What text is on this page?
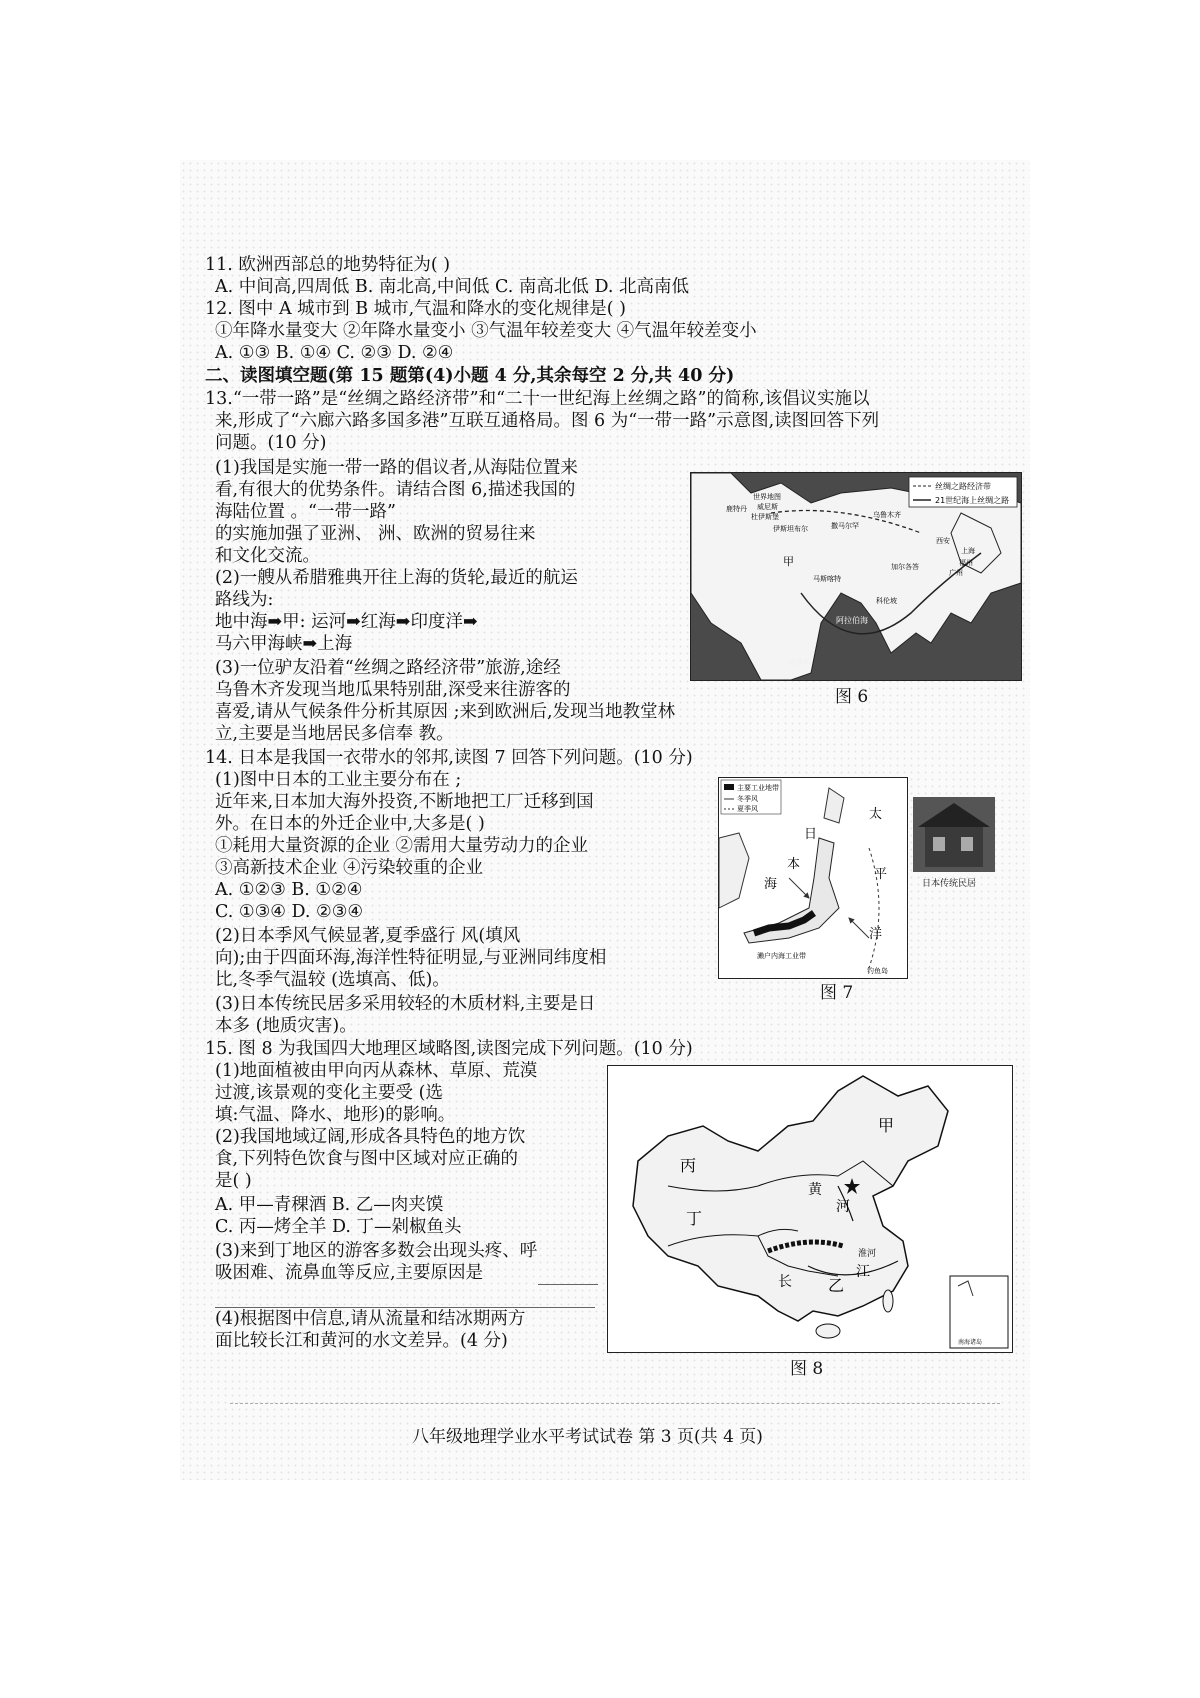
11. 欧洲西部总的地势特征为( )
A. 中间高,四周低 B. 南北高,中间低 C. 南高北低 D. 北高南低
12. 图中 A 城市到 B 城市,气温和降水的变化规律是( )
①年降水量变大 ②年降水量变小 ③气温年较差变大 ④气温年较差变小
A. ①③ B. ①④ C. ②③ D. ②④
二、读图填空题(第 15 题第(4)小题 4 分,其余每空 2 分,共 40 分)
13.“一带一路”是“丝绸之路经济带”和“二十一世纪海上丝绸之路”的简称,该倡议实施以
来,形成了“六廊六路多国多港”互联互通格局。图 6 为“一带一路”示意图,读图回答下列
问题。(10 分)
(1)我国是实施一带一路的倡议者,从海陆位置来
看,有很大的优势条件。请结合图 6,描述我国的
海陆位置 。“一带一路”
的实施加强了亚洲、 洲、欧洲的贸易往来
和文化交流。
(2)一艘从希腊雅典开往上海的货轮,最近的航运
路线为:
地中海➡甲: 运河➡红海➡印度洋➡
马六甲海峡➡上海
(3)一位驴友沿着“丝绸之路经济带”旅游,途经
乌鲁木齐发现当地瓜果特别甜,深受来往游客的
喜爱,请从气候条件分析其原因 ;来到欧洲后,发现当地教堂林
立,主要是当地居民多信奉 教。
丝绸之路经济带
21世纪海上丝绸之路
世界地图
威尼斯
杜伊斯堡
鹿特丹
伊斯坦布尔	撒马尔罕
乌鲁木齐
西安
上海
福州
广州
加尔各答
科伦坡
内罗毕
马斯喀特
阿拉伯海
甲
图 6
14. 日本是我国一衣带水的邻邦,读图 7 回答下列问题。(10 分)
(1)图中日本的工业主要分布在 ;
近年来,日本加大海外投资,不断地把工厂迁移到国
外。在日本的外迁企业中,大多是( )
①耗用大量资源的企业 ②需用大量劳动力的企业
③高新技术企业 ④污染较重的企业
A. ①②③ B. ①②④
C. ①③④ D. ②③④
(2)日本季风气候显著,夏季盛行 风(填风
向);由于四面环海,海洋性特征明显,与亚洲同纬度相
比,冬季气温较 (选填高、低)。
(3)日本传统民居多采用较轻的木质材料,主要是日
本多 (地质灾害)。
主要工业地带
冬季风
夏季风
日
本
海
太
平
洋
濑户内海工业带
钓鱼岛
日本传统民居
图 7
15. 图 8 为我国四大地理区域略图,读图完成下列问题。(10 分)
(1)地面植被由甲向丙从森林、草原、荒漠
过渡,该景观的变化主要受 (选
填:气温、降水、地形)的影响。
(2)我国地域辽阔,形成各具特色的地方饮
食,下列特色饮食与图中区域对应正确的
是( )
A. 甲—青稞酒 B. 乙—肉夹馍
C. 丙—烤全羊 D. 丁—剁椒鱼头
(3)来到丁地区的游客多数会出现头疼、呼
吸困难、流鼻血等反应,主要原因是
(4)根据图中信息,请从流量和结冰期两方
面比较长江和黄河的水文差异。(4 分)	南海诸岛
甲
乙
丙
丁
黄
河
长
江
淮河
图 8
八年级地理学业水平考试试卷 第 3 页(共 4 页)
